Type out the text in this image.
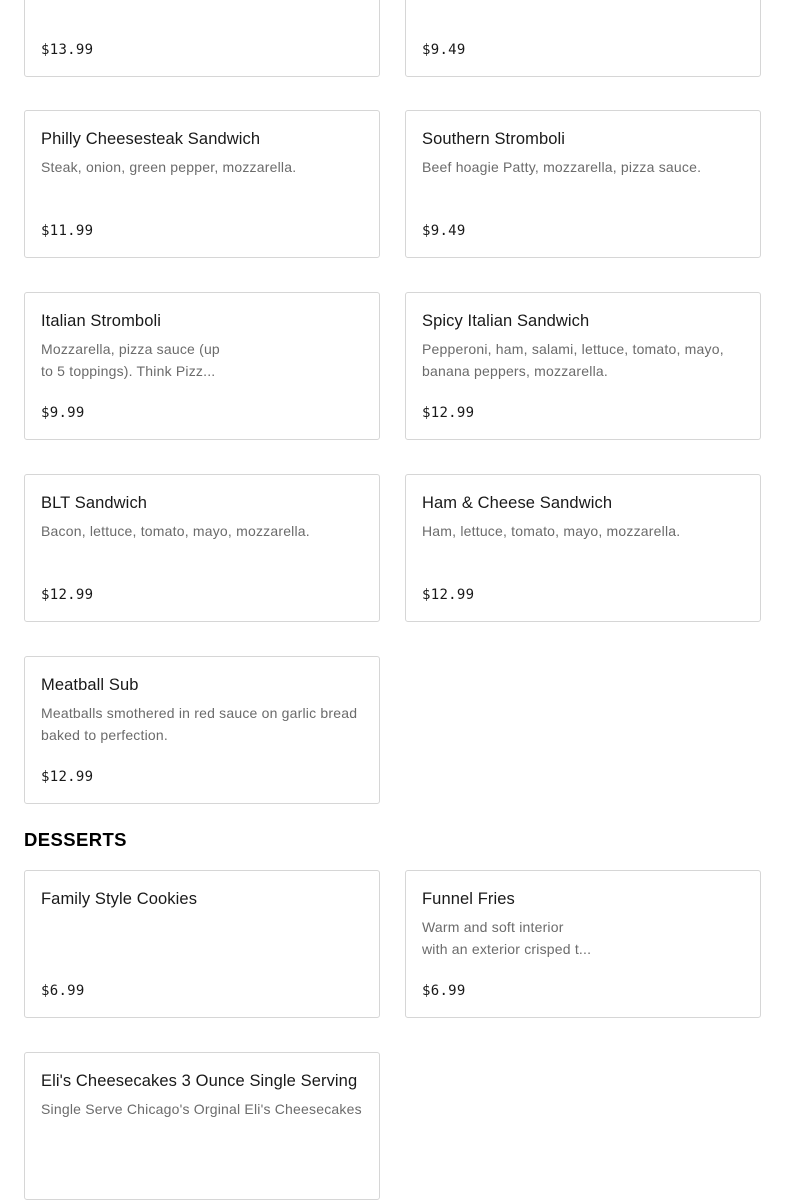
$13.99	$9.49
Philly Cheesesteak Sandwich
Steak, onion, green pepper, mozzarella.
$11.99
Southern Stromboli
Beef hoagie Patty, mozzarella, pizza sauce.
$9.49
Italian Stromboli
Mozzarella, pizza sauce (up
to 5 toppings). Think Pizz...
$9.99
Spicy Italian Sandwich
Pepperoni, ham, salami, lettuce, tomato, mayo,
banana peppers, mozzarella.
$12.99
BLT Sandwich
Bacon, lettuce, tomato, mayo, mozzarella.
$12.99
Ham & Cheese Sandwich
Ham, lettuce, tomato, mayo, mozzarella.
$12.99
Meatball Sub
Meatballs smothered in red sauce on garlic bread
baked to perfection.
$12.99
DESSERTS
Family Style Cookies
$6.99
Funnel Fries
Warm and soft interior
with an exterior crisped t...
$6.99
Eli's Cheesecakes 3 Ounce Single Serving
Single Serve Chicago's Orginal Eli's Cheesecakes
